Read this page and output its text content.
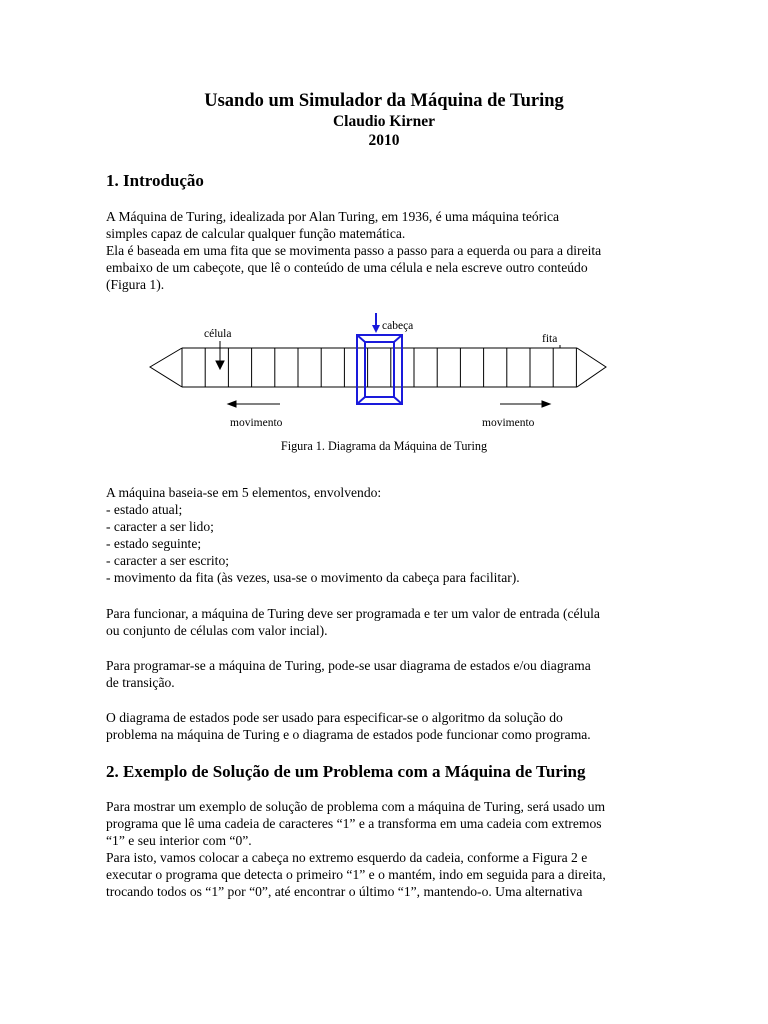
Usando um Simulador da Máquina de Turing
Claudio Kirner
2010
1. Introdução
A Máquina de Turing, idealizada por Alan Turing, em 1936, é uma máquina teórica
simples capaz de calcular qualquer função matemática.
Ela é baseada em uma fita que se movimenta passo a passo para a equerda ou para a direita
embaixo de um cabeçote, que lê o conteúdo de uma célula e nela escreve outro conteúdo
(Figura 1).
célula
cabeça
fita
movimento	movimento
Figura 1. Diagrama da Máquina de Turing
A máquina baseia-se em 5 elementos, envolvendo:
- estado atual;
- caracter a ser lido;
- estado seguinte;
- caracter a ser escrito;
- movimento da fita (às vezes, usa-se o movimento da cabeça para facilitar).
Para funcionar, a máquina de Turing deve ser programada e ter um valor de entrada (célula
ou conjunto de células com valor incial).
Para programar-se a máquina de Turing, pode-se usar diagrama de estados e/ou diagrama
de transição.
O diagrama de estados pode ser usado para especificar-se o algoritmo da solução do
problema na máquina de Turing e o diagrama de estados pode funcionar como programa.
2. Exemplo de Solução de um Problema com a Máquina de Turing
Para mostrar um exemplo de solução de problema com a máquina de Turing, será usado um
programa que lê uma cadeia de caracteres “1” e a transforma em uma cadeia com extremos
“1” e seu interior com “0”.
Para isto, vamos colocar a cabeça no extremo esquerdo da cadeia, conforme a Figura 2 e
executar o programa que detecta o primeiro “1” e o mantém, indo em seguida para a direita,
trocando todos os “1” por “0”, até encontrar o último “1”, mantendo-o. Uma alternativa
